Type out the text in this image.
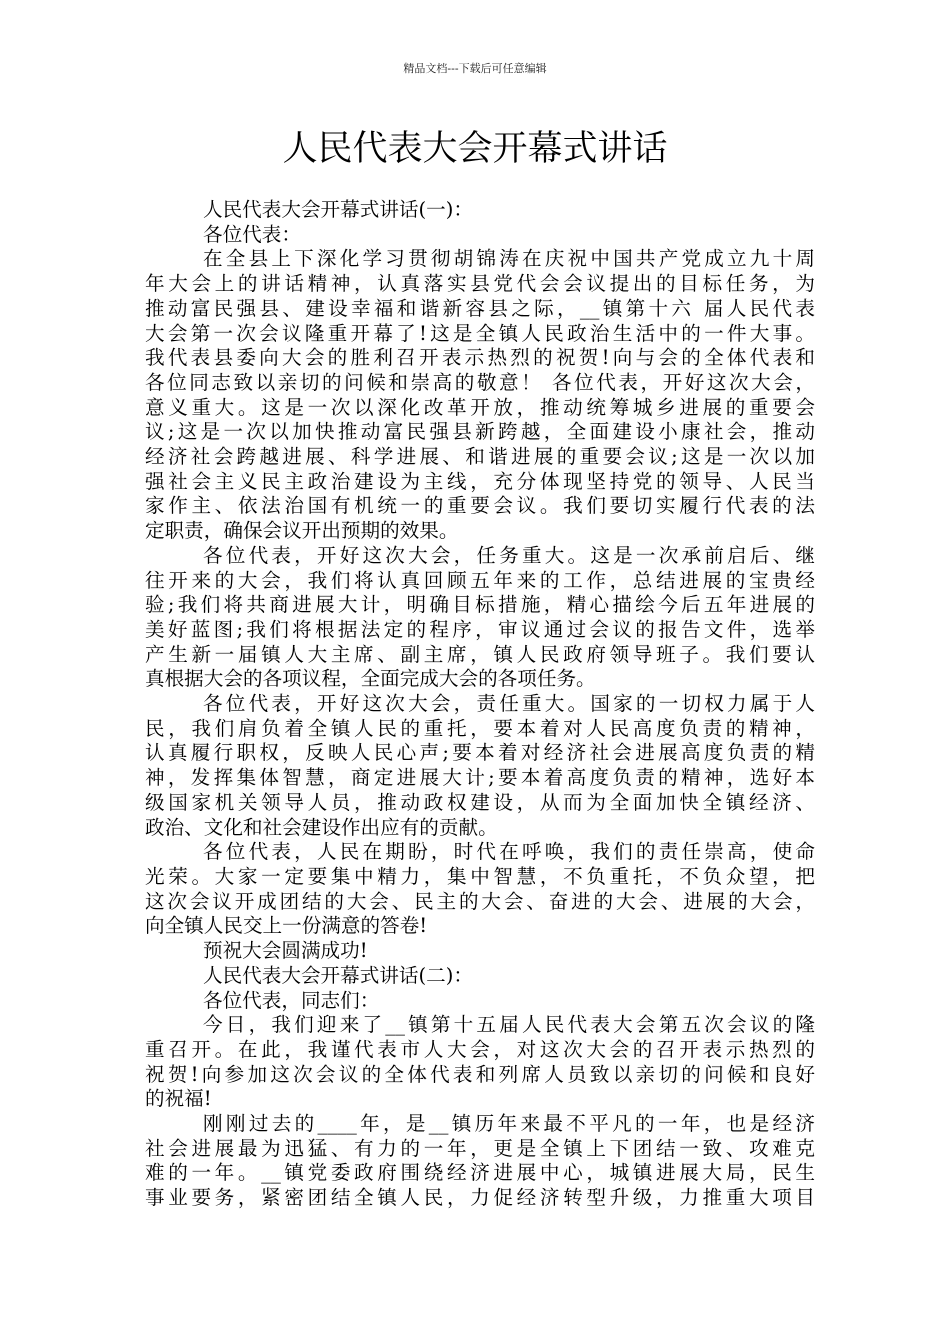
精品文档---下载后可任意编辑
人民代表大会开幕式讲话
人民代表大会开幕式讲话(一)：
各位代表：
在全县上下深化学习贯彻胡锦涛在庆祝中国共产党成立九十周
年大会上的讲话精神，认真落实县党代会会议提出的目标任务，为
推动富民强县、建设幸福和谐新容县之际，__镇第十六 届人民代表
大会第一次会议隆重开幕了!这是全镇人民政治生活中的一件大事。
我代表县委向大会的胜利召开表示热烈的祝贺!向与会的全体代表和
各位同志致以亲切的问候和崇高的敬意！ 各位代表，开好这次大会，
意义重大。这是一次以深化改革开放，推动统筹城乡进展的重要会
议;这是一次以加快推动富民强县新跨越，全面建设小康社会，推动
经济社会跨越进展、科学进展、和谐进展的重要会议;这是一次以加
强社会主义民主政治建设为主线，充分体现坚持党的领导、人民当
家作主、依法治国有机统一的重要会议。我们要切实履行代表的法
定职责，确保会议开出预期的效果。
各位代表，开好这次大会，任务重大。这是一次承前启后、继
往开来的大会，我们将认真回顾五年来的工作，总结进展的宝贵经
验;我们将共商进展大计，明确目标措施，精心描绘今后五年进展的
美好蓝图;我们将根据法定的程序，审议通过会议的报告文件，选举
产生新一届镇人大主席、副主席，镇人民政府领导班子。我们要认
真根据大会的各项议程，全面完成大会的各项任务。
各位代表，开好这次大会，责任重大。国家的一切权力属于人
民，我们肩负着全镇人民的重托，要本着对人民高度负责的精神，
认真履行职权，反映人民心声;要本着对经济社会进展高度负责的精
神，发挥集体智慧，商定进展大计;要本着高度负责的精神，选好本
级国家机关领导人员，推动政权建设，从而为全面加快全镇经济、
政治、文化和社会建设作出应有的贡献。
各位代表，人民在期盼，时代在呼唤，我们的责任崇高，使命
光荣。大家一定要集中精力，集中智慧，不负重托，不负众望，把
这次会议开成团结的大会、民主的大会、奋进的大会、进展的大会，
向全镇人民交上一份满意的答卷!
预祝大会圆满成功!
人民代表大会开幕式讲话(二)：
各位代表，同志们：
今日，我们迎来了__镇第十五届人民代表大会第五次会议的隆
重召开。在此，我谨代表市人大会，对这次大会的召开表示热烈的
祝贺!向参加这次会议的全体代表和列席人员致以亲切的问候和良好
的祝福!
刚刚过去的____年，是__镇历年来最不平凡的一年，也是经济
社会进展最为迅猛、有力的一年，更是全镇上下团结一致、攻难克
难的一年。__镇党委政府围绕经济进展中心，城镇进展大局，民生
事业要务，紧密团结全镇人民，力促经济转型升级，力推重大项目
